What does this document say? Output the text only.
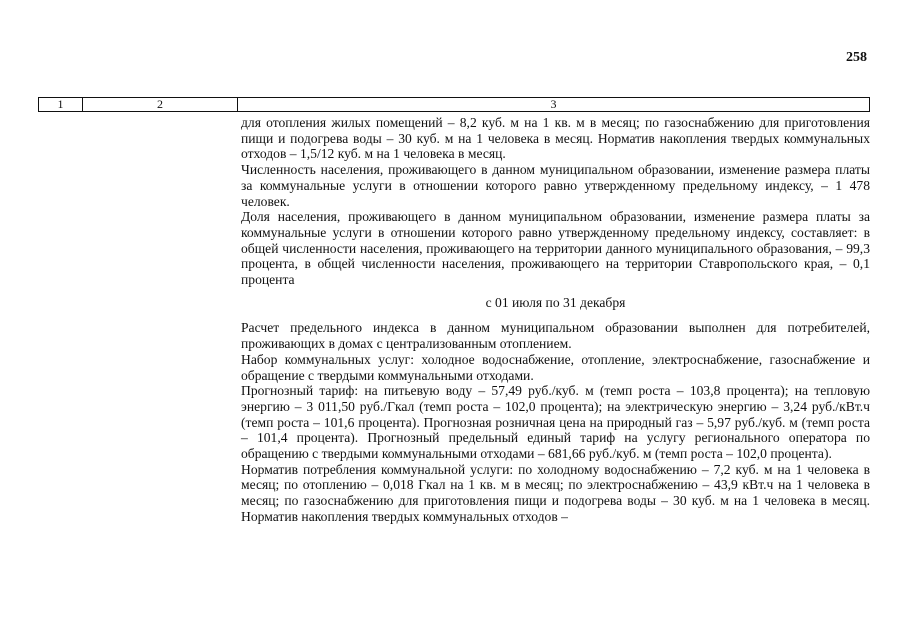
258
1	2	3

для отопления жилых помещений – 8,2 куб. м на 1 кв. м в месяц; по газоснабжению для приготовления пищи и подогрева воды – 30 куб. м на 1 человека в месяц. Норматив накопления твердых коммунальных отходов – 1,5/12 куб. м на 1 человека в месяц.

Численность населения, проживающего в данном муниципальном образовании, изменение размера платы за коммунальные услуги в отношении которого равно утвержденному предельному индексу, – 1 478 человек.

Доля населения, проживающего в данном муниципальном образовании, изменение размера платы за коммунальные услуги в отношении которого равно утвержденному предельному индексу, составляет: в общей численности населения, проживающего на территории данного муниципального образования, – 99,3 процента, в общей численности населения, проживающего на территории Ставропольского края, – 0,1 процента

с 01 июля по 31 декабря

Расчет предельного индекса в данном муниципальном образовании выполнен для потребителей, проживающих в домах с централизованным отоплением.

Набор коммунальных услуг: холодное водоснабжение, отопление, электроснабжение, газоснабжение и обращение с твердыми коммунальными отходами.

Прогнозный тариф: на питьевую воду – 57,49 руб./куб. м (темп роста – 103,8 процента); на тепловую энергию – 3 011,50 руб./Гкал (темп роста – 102,0 процента); на электрическую энергию – 3,24 руб./кВт.ч (темп роста – 101,6 процента). Прогнозная розничная цена на природный газ – 5,97 руб./куб. м (темп роста – 101,4 процента). Прогнозный предельный единый тариф на услугу регионального оператора по обращению с твердыми коммунальными отходами – 681,66 руб./куб. м (темп роста – 102,0 процента).

Норматив потребления коммунальной услуги: по холодному водоснабжению – 7,2 куб. м на 1 человека в месяц; по отоплению – 0,018 Гкал на 1 кв. м в месяц; по электроснабжению – 43,9 кВт.ч на 1 человека в месяц; по газоснабжению для приготовления пищи и подогрева воды – 30 куб. м на 1 человека в месяц. Норматив накопления твердых коммунальных отходов –
